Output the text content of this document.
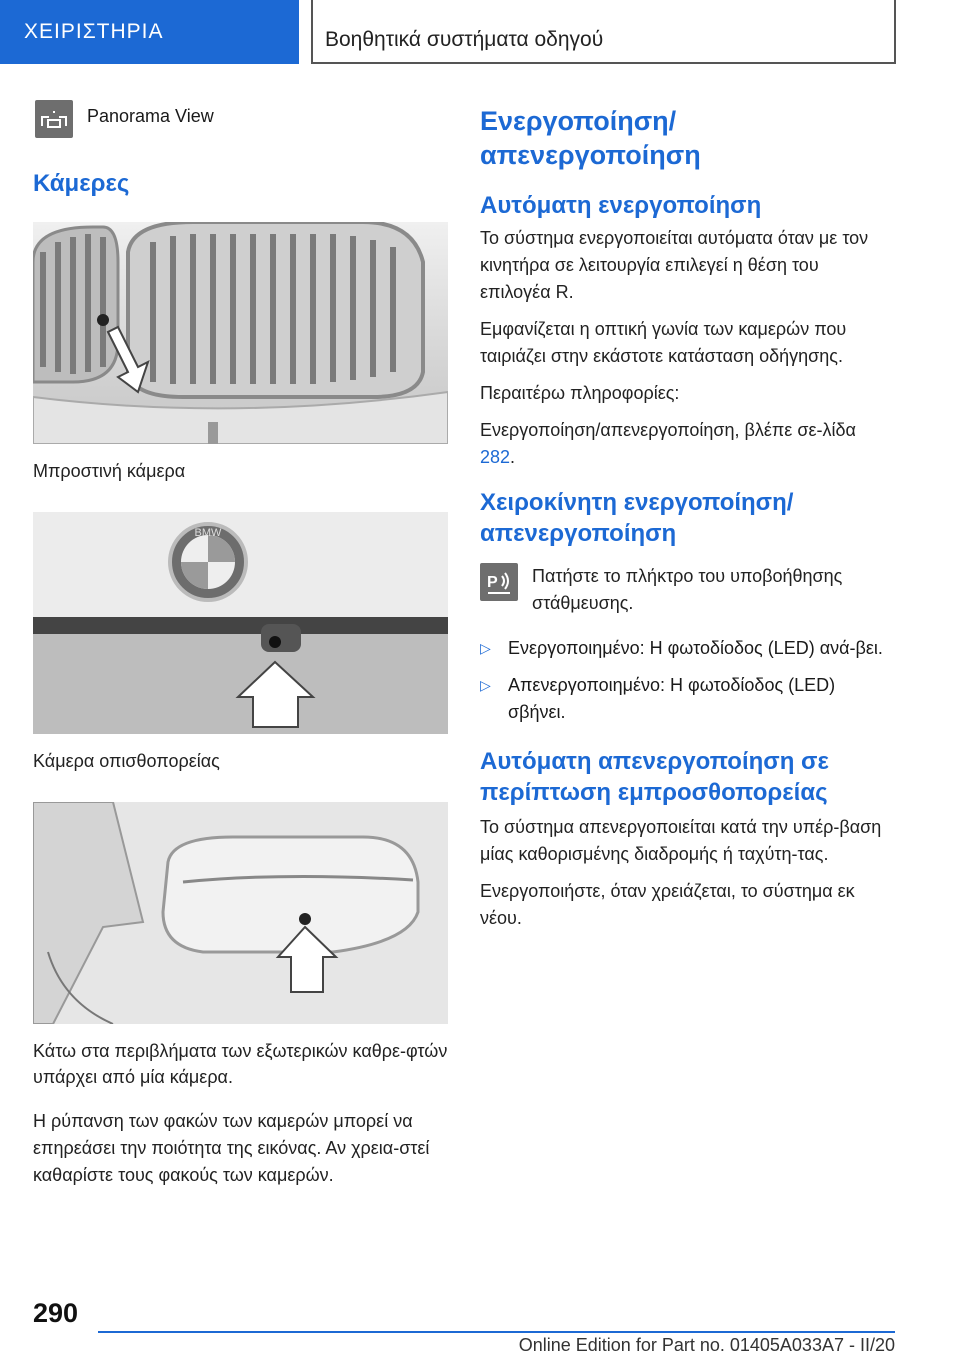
ΧΕΙΡΙΣΤΗΡΙΑ	Βοηθητικά συστήματα οδηγού
Panorama View
Κάμερες

Μπροστινή κάμερα

BMW

Κάμερα οπισθοπορείας

Κάτω στα περιβλήματα των εξωτερικών καθρε-φτών υπάρχει από μία κάμερα.

Η ρύπανση των φακών των καμερών μπορεί να επηρεάσει την ποιότητα της εικόνας. Αν χρεια-στεί καθαρίστε τους φακούς των καμερών.

Ενεργοποίηση/απενεργοποίηση
Αυτόματη ενεργοποίηση

Το σύστημα ενεργοποιείται αυτόματα όταν με τον κινητήρα σε λειτουργία επιλεγεί η θέση του επιλογέα R.

Εμφανίζεται η οπτική γωνία των καμερών που ταιριάζει στην εκάστοτε κατάσταση οδήγησης.

Περαιτέρω πληροφορίες:

Ενεργοποίηση/απενεργοποίηση, βλέπε σε-λίδα 282.

Χειροκίνητη ενεργοποίηση/ απενεργοποίηση
P Πατήστε το πλήκτρο του υποβοήθησης στάθμευσης.
▷ Ενεργοποιημένο: Η φωτοδίοδος (LED) ανά-βει.
▷ Απενεργοποιημένο: Η φωτοδίοδος (LED) σβήνει.
Αυτόματη απενεργοποίηση σε περίπτωση εμπροσθοπορείας

Το σύστημα απενεργοποιείται κατά την υπέρ-βαση μίας καθορισμένης διαδρομής ή ταχύτη-τας.

Ενεργοποιήστε, όταν χρειάζεται, το σύστημα εκ νέου.

290
Online Edition for Part no. 01405A033A7 - II/20
